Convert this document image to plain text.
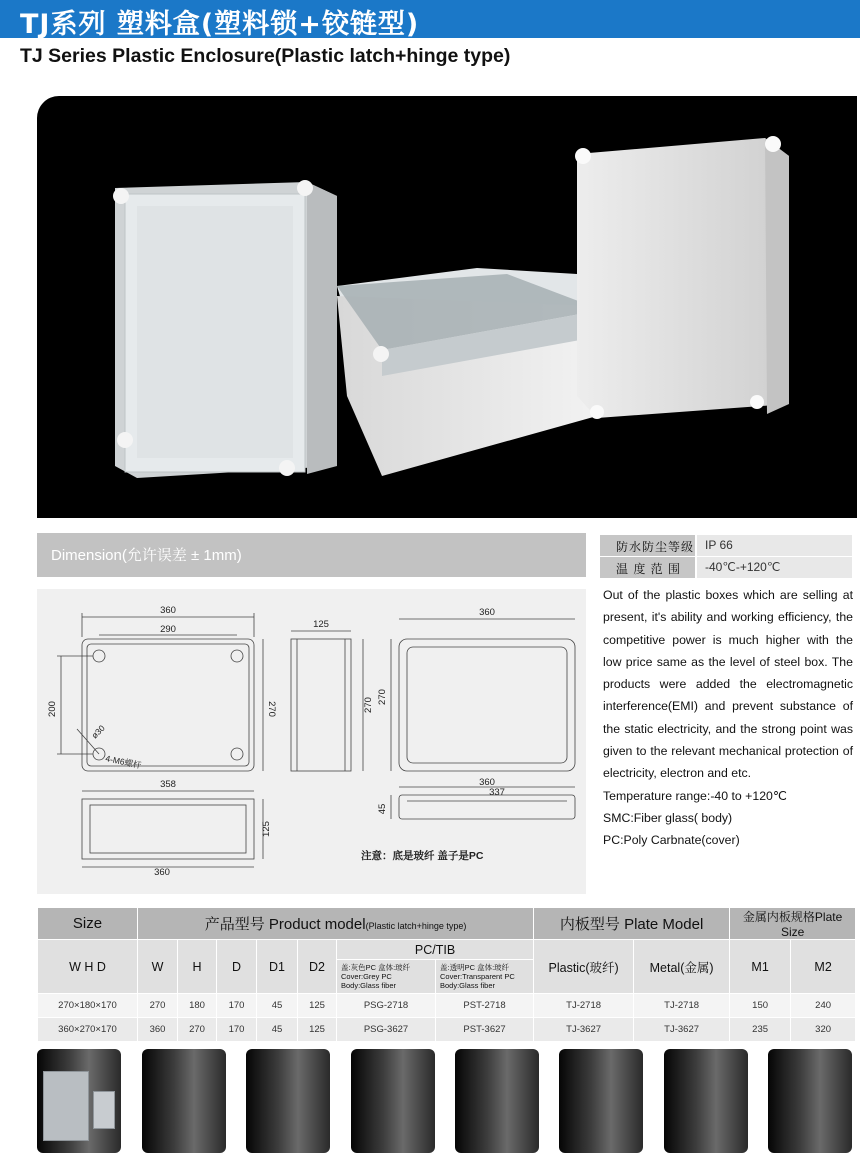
TJ系列 塑料盒(塑料锁+铰链型)
TJ Series Plastic Enclosure(Plastic latch+hinge type)
Dimension(允许误差 ± 1mm)	防水防尘等级 IP 66
温 度 范 围	-40℃-+120℃
360
290
200	270
ø30
4-M6螺杆
125
270
360
270
358
125
360
360
337
45
注意：底是玻纤 盖子是PC

Out of the plastic boxes which are selling at present, it's ability and working efficiency, the competitive power is much higher with the low price same as the level of steel box. The products were added the electromagnetic interference(EMI) and prevent substance of the static electricity, and the strong point was given to the relevant mechanical protection of electricity, electron and etc.

Temperature range:-40 to +120℃

SMC:Fiber glass( body)

PC:Poly Carbnate(cover)

Size	产品型号 Product model(Plastic latch+hinge type)							内板型号 Plate Model		金属内板规格Plate Size	
W H D	W	H	D	D1	D2	PC/TIB		Plastic(玻纤)	Metal(金属)	M1	M2

						盖:灰色PC 盒体:玻纤
Cover:Grey PC
Body:Glass fiber	盖:透明PC 盒体:玻纤
Cover:Transparent PC
Body:Glass fiber				

270×180×170	270	180	170	45	125	PSG-2718	PST-2718	TJ-2718	TJ-2718	150	240
360×270×170	360	270	170	45	125	PSG-3627	PST-3627	TJ-3627	TJ-3627	235	320
